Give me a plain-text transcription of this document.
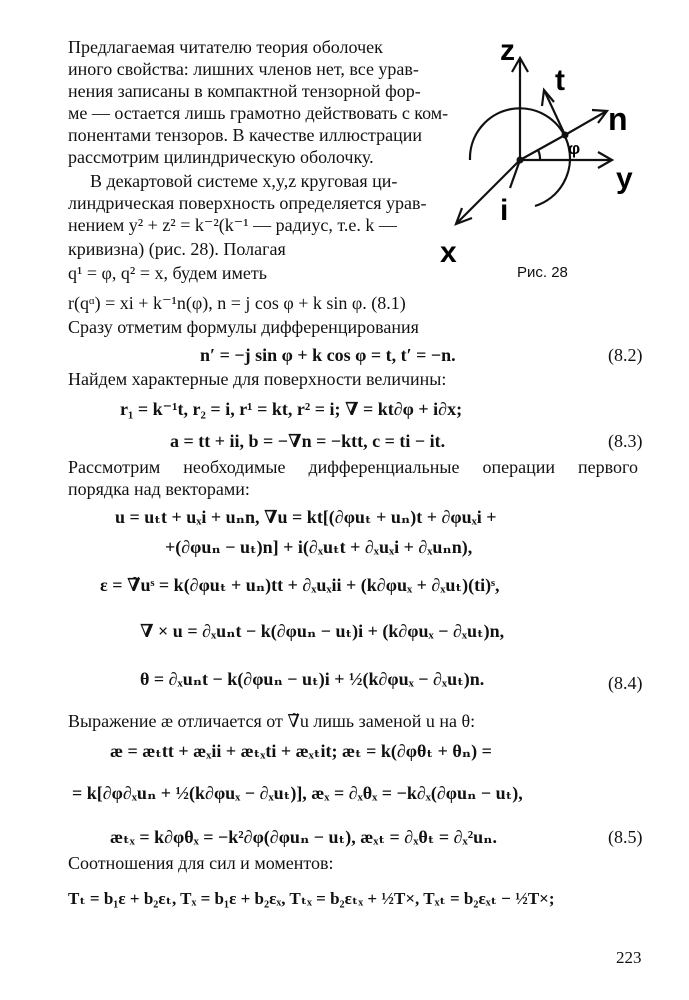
Предлагаемая читателю теория оболочек
иного свойства: лишних членов нет, все урав-
нения записаны в компактной тензорной фор-
ме — остается лишь грамотно действовать с ком-
понентами тензоров. В качестве иллюстрации
рассмотрим цилиндрическую оболочку.
В декартовой системе x,y,z круговая ци-
линдрическая поверхность определяется урав-
нением y² + z² = k⁻²(k⁻¹ — радиус, т.е. k —
кривизна) (рис. 28). Полагая
q¹ = φ, q² = x, будем иметь
z
t
n
φ
y
i
x
Рис. 28
r(qᵅ) = xi + k⁻¹n(φ), n = j cos φ + k sin φ. (8.1)
Сразу отметим формулы дифференцирования
n′ = −j sin φ + k cos φ = t, t′ = −n.	(8.2)
Найдем характерные для поверхности величины:
r₁ = k⁻¹t, r₂ = i, r¹ = kt, r² = i; ∇ = kt∂φ + i∂x;
a = tt + ii, b = −∇n = −ktt, c = ti − it.	(8.3)
Рассмотрим необходимые дифференциальные операции первого
порядка над векторами:
u = uₜt + uₓi + uₙn, ∇u = kt[(∂φuₜ + uₙ)t + ∂φuₓi +
+(∂φuₙ − uₜ)n] + i(∂ₓuₜt + ∂ₓuₓi + ∂ₓuₙn),
ε = ∇̃uˢ = k(∂φuₜ + uₙ)tt + ∂ₓuₓii + (k∂φuₓ + ∂ₓuₜ)(ti)ˢ,
∇ × u = ∂ₓuₙt − k(∂φuₙ − uₜ)i + (k∂φuₓ − ∂ₓuₜ)n,
θ = ∂ₓuₙt − k(∂φuₙ − uₜ)i + ½(k∂φuₓ − ∂ₓuₜ)n.	(8.4)
Выражение æ отличается от ∇̃u лишь заменой u на θ:
æ = æₜtt + æₓii + æₜₓti + æₓₜit; æₜ = k(∂φθₜ + θₙ) =
= k[∂φ∂ₓuₙ + ½(k∂φuₓ − ∂ₓuₜ)], æₓ = ∂ₓθₓ = −k∂ₓ(∂φuₙ − uₜ),
æₜₓ = k∂φθₓ = −k²∂φ(∂φuₙ − uₜ), æₓₜ = ∂ₓθₜ = ∂ₓ²uₙ.	(8.5)
Соотношения для сил и моментов:
Tₜ = b₁ε + b₂εₜ, Tₓ = b₁ε + b₂εₓ, Tₜₓ = b₂εₜₓ + ½T×, Tₓₜ = b₂εₓₜ − ½T×;
223
